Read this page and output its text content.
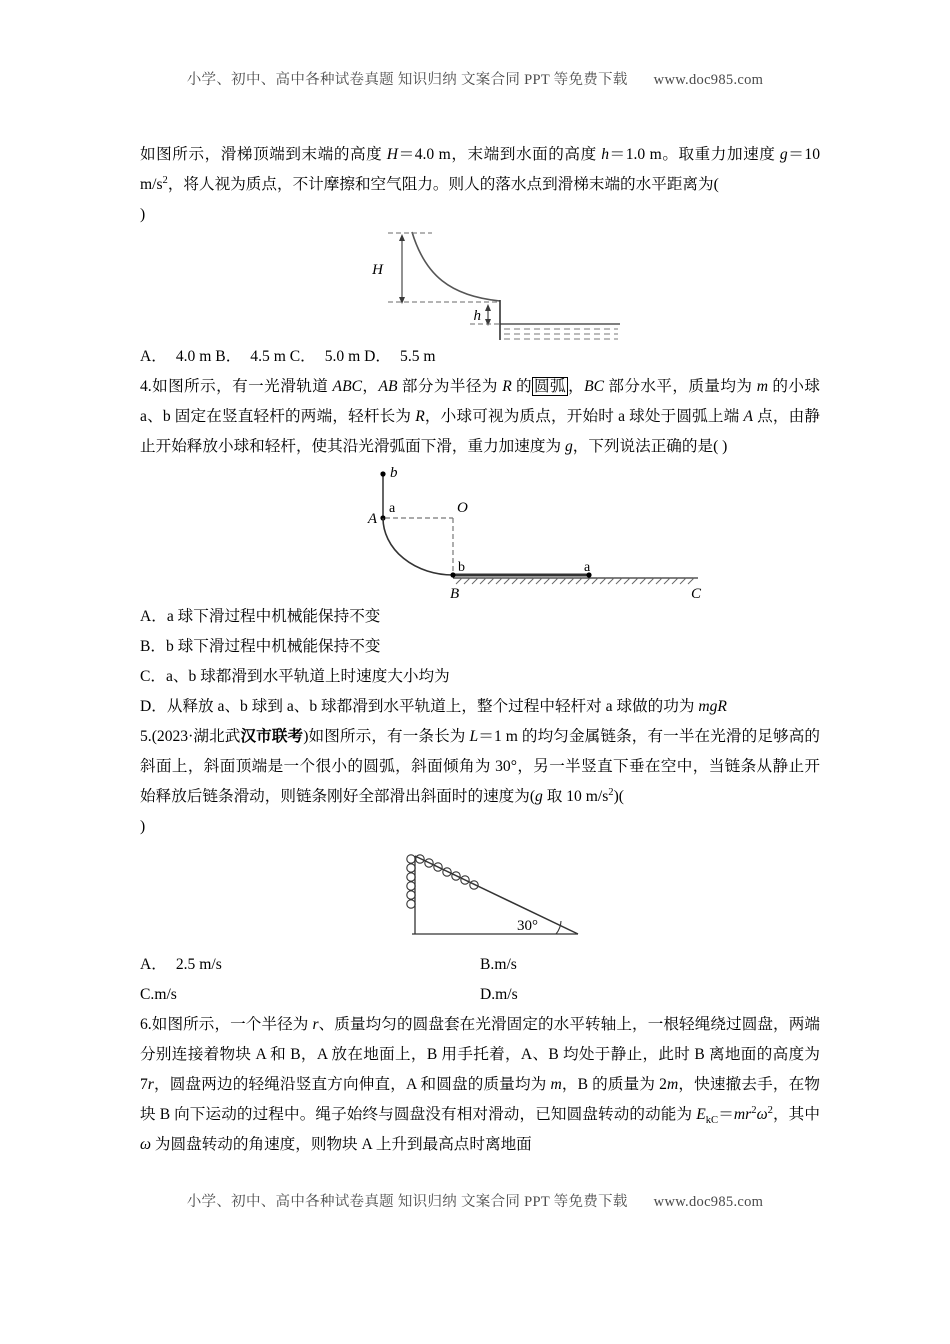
小学、初中、高中各种试卷真题 知识归纳 文案合同 PPT 等免费下载 www.doc985.com

如图所示，滑梯顶端到末端的高度 H＝4.0 m，末端到水面的高度 h＝1.0 m。取重力加速度 g＝10 $m/s^2$，将人视为质点，不计摩擦和空气阻力。则人的落水点到滑梯末端的水平距离为(
)

H
h

A． 4.0 m B． 4.5 m C． 5.0 m D． 5.5 m

4.如图所示，有一光滑轨道 ABC，AB 部分为半径为 R 的 圆弧 ，BC 部分水平，质量均为 m 的小球 a、b 固定在竖直轻杆的两端，轻杆长为 R，小球可视为质点，开始时 a 球处于圆弧上端 A 点，由静止开始释放小球和轻杆，使其沿光滑弧面下滑，重力加速度为 g，下列说法正确的是( )

b
a
A
O
b	a
B	C

A．a 球下滑过程中机械能保持不变

B．b 球下滑过程中机械能保持不变

C．a、b 球都滑到水平轨道上时速度大小均为

D．从释放 a、b 球到 a、b 球都滑到水平轨道上，整个过程中轻杆对 a 球做的功为 mgR

5.(2023·湖北武汉市联考)如图所示，有一条长为 L＝1 m 的均匀金属链条，有一半在光滑的足够高的斜面上，斜面顶端是一个很小的圆弧，斜面倾角为 30°，另一半竖直下垂在空中，当链条从静止开始释放后链条滑动，则链条刚好全部滑出斜面时的速度为(g 取 10 $m/s^2$)(
)

30°
A． 2.5 m/s	B.m/s
C.m/s	D.m/s

6.如图所示，一个半径为 r、质量均匀的圆盘套在光滑固定的水平转轴上，一根轻绳绕过圆盘，两端分别连接着物块 A 和 B，A 放在地面上，B 用手托着，A、B 均处于静止，此时 B 离地面的高度为 7r，圆盘两边的轻绳沿竖直方向伸直，A 和圆盘的质量均为 m，B 的质量为 2m，快速撤去手，在物块 B 向下运动的过程中。绳子始终与圆盘没有相对滑动，已知圆盘转动的动能为 $E_{kC}=mr^2\omega^2$，其中 ω 为圆盘转动的角速度，则物块 A 上升到最高点时离地面

小学、初中、高中各种试卷真题 知识归纳 文案合同 PPT 等免费下载 www.doc985.com
